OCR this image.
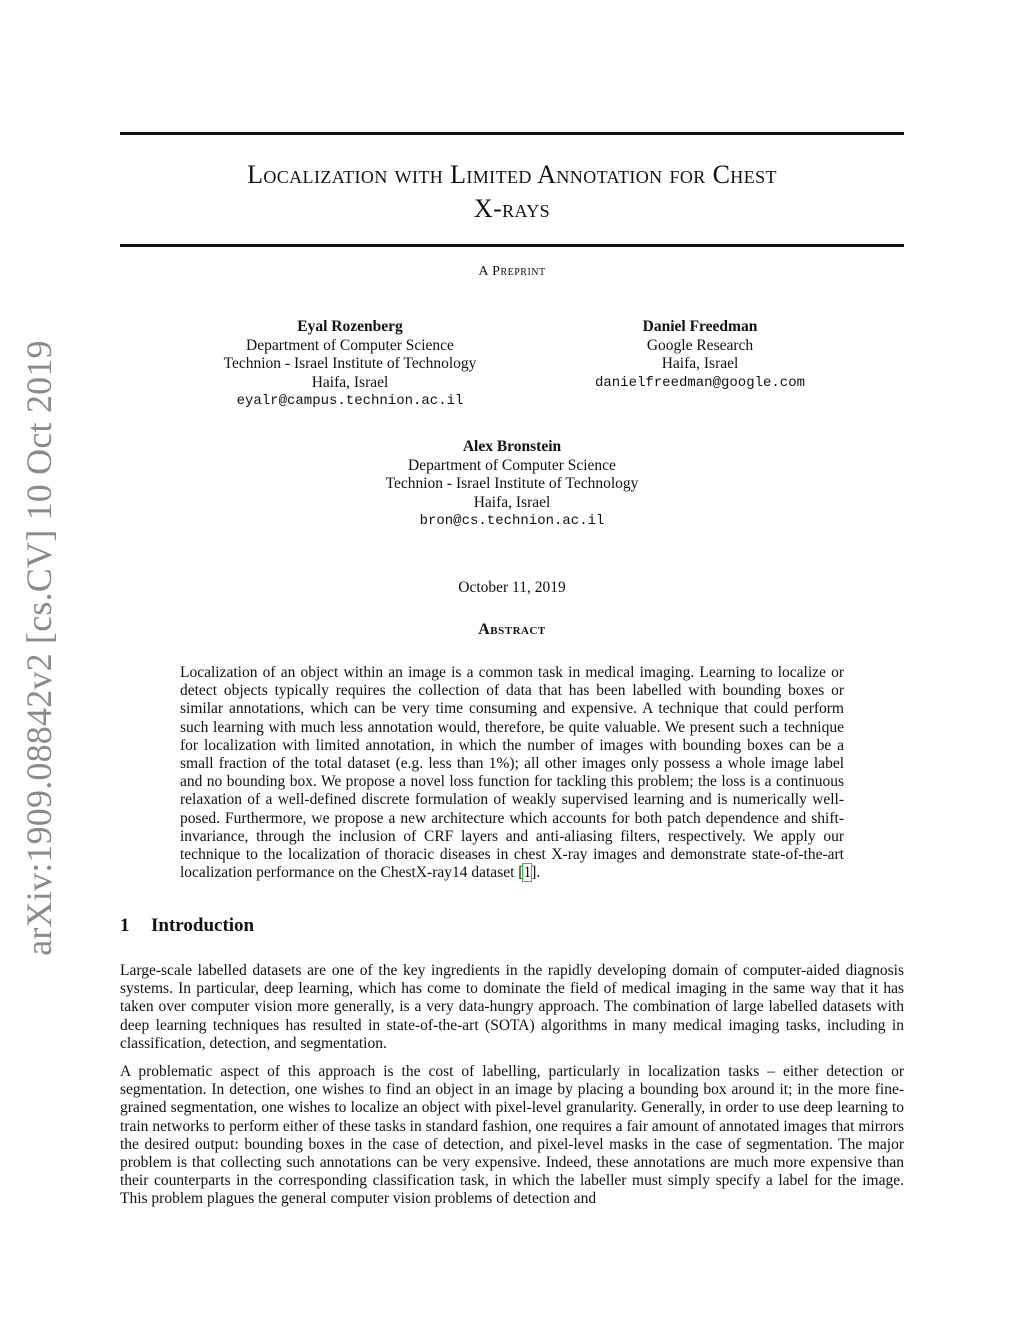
arXiv:1909.08842v2 [cs.CV] 10 Oct 2019
Localization with Limited Annotation for Chest
X-rays
A Preprint
Eyal Rozenberg
Department of Computer Science
Technion - Israel Institute of Technology
Haifa, Israel
eyalr@campus.technion.ac.il
Daniel Freedman
Google Research
Haifa, Israel
danielfreedman@google.com
Alex Bronstein
Department of Computer Science
Technion - Israel Institute of Technology
Haifa, Israel
bron@cs.technion.ac.il
October 11, 2019
Abstract

Localization of an object within an image is a common task in medical imaging. Learning to localize or detect objects typically requires the collection of data that has been labelled with bounding boxes or similar annotations, which can be very time consuming and expensive. A technique that could perform such learning with much less annotation would, therefore, be quite valuable. We present such a technique for localization with limited annotation, in which the number of images with bounding boxes can be a small fraction of the total dataset (e.g. less than 1%); all other images only possess a whole image label and no bounding box. We propose a novel loss function for tackling this problem; the loss is a continuous relaxation of a well-defined discrete formulation of weakly supervised learning and is numerically well-posed. Furthermore, we propose a new architecture which accounts for both patch dependence and shift-invariance, through the inclusion of CRF layers and anti-aliasing filters, respectively. We apply our technique to the localization of thoracic diseases in chest X-ray images and demonstrate state-of-the-art localization performance on the ChestX-ray14 dataset [1].

1 Introduction

Large-scale labelled datasets are one of the key ingredients in the rapidly developing domain of computer-aided diagnosis systems. In particular, deep learning, which has come to dominate the field of medical imaging in the same way that it has taken over computer vision more generally, is a very data-hungry approach. The combination of large labelled datasets with deep learning techniques has resulted in state-of-the-art (SOTA) algorithms in many medical imaging tasks, including in classification, detection, and segmentation.

A problematic aspect of this approach is the cost of labelling, particularly in localization tasks – either detection or segmentation. In detection, one wishes to find an object in an image by placing a bounding box around it; in the more fine-grained segmentation, one wishes to localize an object with pixel-level granularity. Generally, in order to use deep learning to train networks to perform either of these tasks in standard fashion, one requires a fair amount of annotated images that mirrors the desired output: bounding boxes in the case of detection, and pixel-level masks in the case of segmentation. The major problem is that collecting such annotations can be very expensive. Indeed, these annotations are much more expensive than their counterparts in the corresponding classification task, in which the labeller must simply specify a label for the image. This problem plagues the general computer vision problems of detection and
